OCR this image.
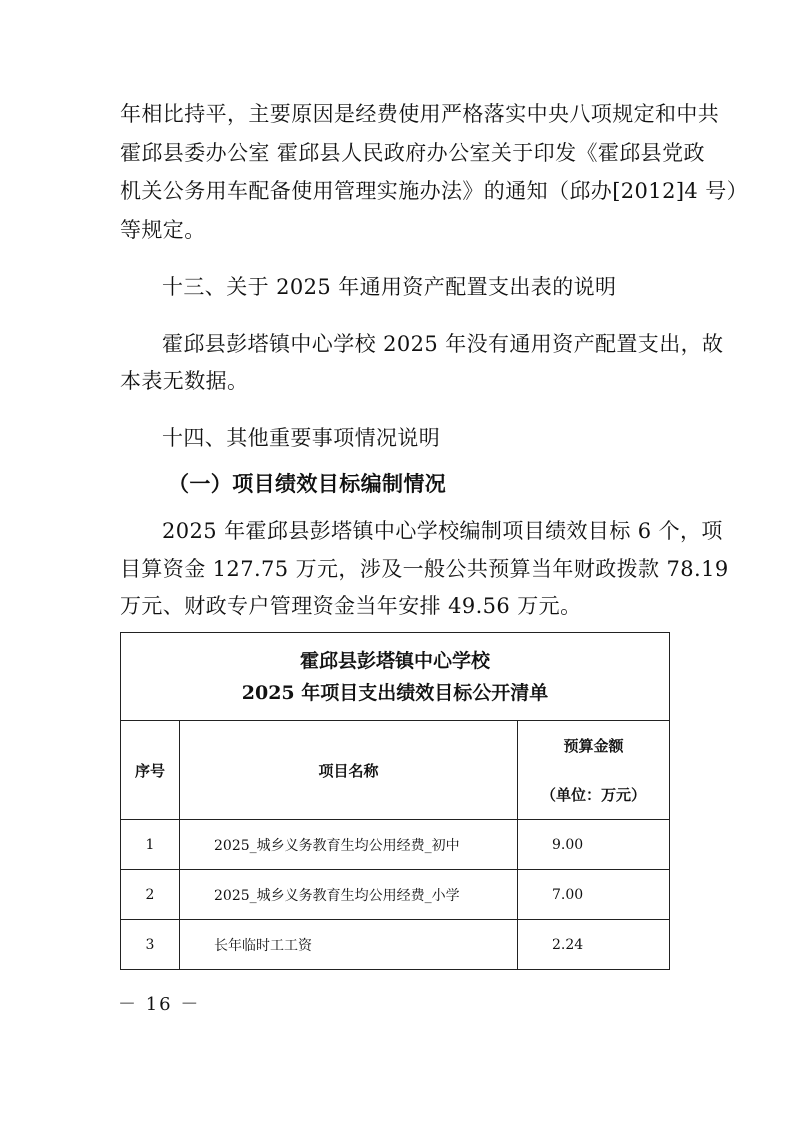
年相比持平，主要原因是经费使用严格落实中央八项规定和中共
霍邱县委办公室 霍邱县人民政府办公室关于印发《霍邱县党政
机关公务用车配备使用管理实施办法》的通知（邱办[2012]4 号）
等规定。
十三、关于 2025 年通用资产配置支出表的说明
霍邱县彭塔镇中心学校 2025 年没有通用资产配置支出，故
本表无数据。
十四、其他重要事项情况说明
（一）项目绩效目标编制情况
2025 年霍邱县彭塔镇中心学校编制项目绩效目标 6 个，项
目算资金 127.75 万元，涉及一般公共预算当年财政拨款 78.19
万元、财政专户管理资金当年安排 49.56 万元。
霍邱县彭塔镇中心学校
2025 年项目支出绩效目标公开清单		

序号	项目名称	预算金额
（单位：万元）

1	2025_城乡义务教育生均公用经费_初中	9.00
2	2025_城乡义务教育生均公用经费_小学	7.00
3	长年临时工工资	2.24
－ 16 －
